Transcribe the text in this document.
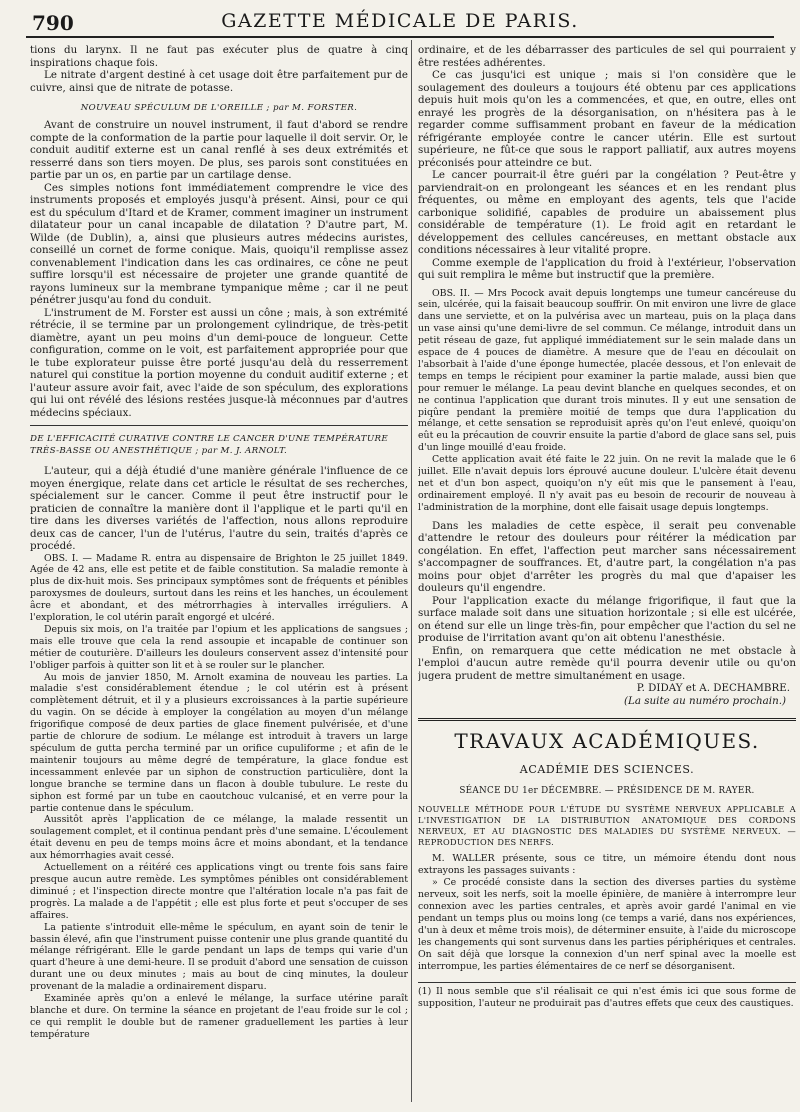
790	GAZETTE MÉDICALE DE PARIS.

tions du larynx. Il ne faut pas exécuter plus de quatre à cinq inspirations chaque fois.

Le nitrate d'argent destiné à cet usage doit être parfaitement pur de cuivre, ainsi que de nitrate de potasse.

NOUVEAU SPÉCULUM DE L'OREILLE ; par M. FORSTER.

Avant de construire un nouvel instrument, il faut d'abord se rendre compte de la conformation de la partie pour laquelle il doit servir. Or, le conduit auditif externe est un canal renflé à ses deux extrémités et resserré dans son tiers moyen. De plus, ses parois sont constituées en partie par un os, en partie par un cartilage dense.

Ces simples notions font immédiatement comprendre le vice des instruments proposés et employés jusqu'à présent. Ainsi, pour ce qui est du spéculum d'Itard et de Kramer, comment imaginer un instrument dilatateur pour un canal incapable de dilatation ? D'autre part, M. Wilde (de Dublin), a, ainsi que plusieurs autres médecins auristes, conseillé un cornet de forme conique. Mais, quoiqu'il remplisse assez convenablement l'indication dans les cas ordinaires, ce cône ne peut suffire lorsqu'il est nécessaire de projeter une grande quantité de rayons lumineux sur la membrane tympanique même ; car il ne peut pénétrer jusqu'au fond du conduit.

L'instrument de M. Forster est aussi un cône ; mais, à son extrémité rétrécie, il se termine par un prolongement cylindrique, de très-petit diamètre, ayant un peu moins d'un demi-pouce de longueur. Cette configuration, comme on le voit, est parfaitement appropriée pour que le tube explorateur puisse être porté jusqu'au delà du resserrement naturel qui constitue la portion moyenne du conduit auditif externe ; et l'auteur assure avoir fait, avec l'aide de son spéculum, des explorations qui lui ont révélé des lésions restées jusque-là méconnues par d'autres médecins spéciaux.

DE L'EFFICACITÉ CURATIVE CONTRE LE CANCER D'UNE TEMPÉRATURE TRÈS-BASSE OU ANESTHÉTIQUE ; par M. J. ARNOLT.

L'auteur, qui a déjà étudié d'une manière générale l'influence de ce moyen énergique, relate dans cet article le résultat de ses recherches, spécialement sur le cancer. Comme il peut être instructif pour le praticien de connaître la manière dont il l'applique et le parti qu'il en tire dans les diverses variétés de l'affection, nous allons reproduire deux cas de cancer, l'un de l'utérus, l'autre du sein, traités d'après ce procédé.

OBS. I. — Madame R. entra au dispensaire de Brighton le 25 juillet 1849. Agée de 42 ans, elle est petite et de faible constitution. Sa maladie remonte à plus de dix-huit mois. Ses principaux symptômes sont de fréquents et pénibles paroxysmes de douleurs, surtout dans les reins et les hanches, un écoulement âcre et abondant, et des métrorrhagies à intervalles irréguliers. A l'exploration, le col utérin paraît engorgé et ulcéré.

Depuis six mois, on l'a traitée par l'opium et les applications de sangsues ; mais elle trouve que cela la rend assoupie et incapable de continuer son métier de couturière. D'ailleurs les douleurs conservent assez d'intensité pour l'obliger parfois à quitter son lit et à se rouler sur le plancher.

Au mois de janvier 1850, M. Arnolt examina de nouveau les parties. La maladie s'est considérablement étendue ; le col utérin est à présent complètement détruit, et il y a plusieurs excroissances à la partie supérieure du vagin. On se décide à employer la congélation au moyen d'un mélange frigorifique composé de deux parties de glace finement pulvérisée, et d'une partie de chlorure de sodium. Le mélange est introduit à travers un large spéculum de gutta percha terminé par un orifice cupuliforme ; et afin de le maintenir toujours au même degré de température, la glace fondue est incessamment enlevée par un siphon de construction particulière, dont la longue branche se termine dans un flacon à double tubulure. Le reste du siphon est formé par un tube en caoutchouc vulcanisé, et en verre pour la partie contenue dans le spéculum.

Aussitôt après l'application de ce mélange, la malade ressentit un soulagement complet, et il continua pendant près d'une semaine. L'écoulement était devenu en peu de temps moins âcre et moins abondant, et la tendance aux hémorrhagies avait cessé.

Actuellement on a réitéré ces applications vingt ou trente fois sans faire presque aucun autre remède. Les symptômes pénibles ont considérablement diminué ; et l'inspection directe montre que l'altération locale n'a pas fait de progrès. La malade a de l'appétit ; elle est plus forte et peut s'occuper de ses affaires.

La patiente s'introduit elle-même le spéculum, en ayant soin de tenir le bassin élevé, afin que l'instrument puisse contenir une plus grande quantité du mélange réfrigérant. Elle le garde pendant un laps de temps qui varie d'un quart d'heure à une demi-heure. Il se produit d'abord une sensation de cuisson durant une ou deux minutes ; mais au bout de cinq minutes, la douleur provenant de la maladie a ordinairement disparu.

Examinée après qu'on a enlevé le mélange, la surface utérine paraît blanche et dure. On termine la séance en projetant de l'eau froide sur le col ; ce qui remplit le double but de ramener graduellement les parties à leur température

ordinaire, et de les débarrasser des particules de sel qui pourraient y être restées adhérentes.

Ce cas jusqu'ici est unique ; mais si l'on considère que le soulagement des douleurs a toujours été obtenu par ces applications depuis huit mois qu'on les a commencées, et que, en outre, elles ont enrayé les progrès de la désorganisation, on n'hésitera pas à le regarder comme suffisamment probant en faveur de la médication réfrigérante employée contre le cancer utérin. Elle est surtout supérieure, ne fût-ce que sous le rapport palliatif, aux autres moyens préconisés pour atteindre ce but.

Le cancer pourrait-il être guéri par la congélation ? Peut-être y parviendrait-on en prolongeant les séances et en les rendant plus fréquentes, ou même en employant des agents, tels que l'acide carbonique solidifié, capables de produire un abaissement plus considérable de température (1). Le froid agit en retardant le développement des cellules cancéreuses, en mettant obstacle aux conditions nécessaires à leur vitalité propre.

Comme exemple de l'application du froid à l'extérieur, l'observation qui suit remplira le même but instructif que la première.

OBS. II. — Mrs Pocock avait depuis longtemps une tumeur cancéreuse du sein, ulcérée, qui la faisait beaucoup souffrir. On mit environ une livre de glace dans une serviette, et on la pulvérisa avec un marteau, puis on la plaça dans un vase ainsi qu'une demi-livre de sel commun. Ce mélange, introduit dans un petit réseau de gaze, fut appliqué immédiatement sur le sein malade dans un espace de 4 pouces de diamètre. A mesure que de l'eau en découlait on l'absorbait à l'aide d'une éponge humectée, placée dessous, et l'on enlevait de temps en temps le récipient pour examiner la partie malade, aussi bien que pour remuer le mélange. La peau devint blanche en quelques secondes, et on ne continua l'application que durant trois minutes. Il y eut une sensation de piqûre pendant la première moitié de temps que dura l'application du mélange, et cette sensation se reproduisit après qu'on l'eut enlevé, quoiqu'on eût eu la précaution de couvrir ensuite la partie d'abord de glace sans sel, puis d'un linge mouillé d'eau froide.

Cette application avait été faite le 22 juin. On ne revit la malade que le 6 juillet. Elle n'avait depuis lors éprouvé aucune douleur. L'ulcère était devenu net et d'un bon aspect, quoiqu'on n'y eût mis que le pansement à l'eau, ordinairement employé. Il n'y avait pas eu besoin de recourir de nouveau à l'administration de la morphine, dont elle faisait usage depuis longtemps.

Dans les maladies de cette espèce, il serait peu convenable d'attendre le retour des douleurs pour réitérer la médication par congélation. En effet, l'affection peut marcher sans nécessairement s'accompagner de souffrances. Et, d'autre part, la congélation n'a pas moins pour objet d'arrêter les progrès du mal que d'apaiser les douleurs qu'il engendre.

Pour l'application exacte du mélange frigorifique, il faut que la surface malade soit dans une situation horizontale ; si elle est ulcérée, on étend sur elle un linge très-fin, pour empêcher que l'action du sel ne produise de l'irritation avant qu'on ait obtenu l'anesthésie.

Enfin, on remarquera que cette médication ne met obstacle à l'emploi d'aucun autre remède qu'il pourra devenir utile ou qu'on jugera prudent de mettre simultanément en usage.

P. DIDAY et A. DECHAMBRE.
(La suite au numéro prochain.)
TRAVAUX ACADÉMIQUES.
ACADÉMIE DES SCIENCES.
SÉANCE DU 1er DÉCEMBRE. — PRÉSIDENCE DE M. RAYER.
NOUVELLE MÉTHODE POUR L'ÉTUDE DU SYSTÈME NERVEUX APPLICABLE A L'INVESTIGATION DE LA DISTRIBUTION ANATOMIQUE DES CORDONS NERVEUX, ET AU DIAGNOSTIC DES MALADIES DU SYSTÈME NERVEUX. — REPRODUCTION DES NERFS.

M. WALLER présente, sous ce titre, un mémoire étendu dont nous extrayons les passages suivants :

» Ce procédé consiste dans la section des diverses parties du système nerveux, soit les nerfs, soit la moelle épinière, de manière à interrompre leur connexion avec les parties centrales, et après avoir gardé l'animal en vie pendant un temps plus ou moins long (ce temps a varié, dans nos expériences, d'un à deux et même trois mois), de déterminer ensuite, à l'aide du microscope les changements qui sont survenus dans les parties périphériques et centrales. On sait déjà que lorsque la connexion d'un nerf spinal avec la moelle est interrompue, les parties élémentaires de ce nerf se désorganisent.

(1) Il nous semble que s'il réalisait ce qui n'est émis ici que sous forme de supposition, l'auteur ne produirait pas d'autres effets que ceux des caustiques.
